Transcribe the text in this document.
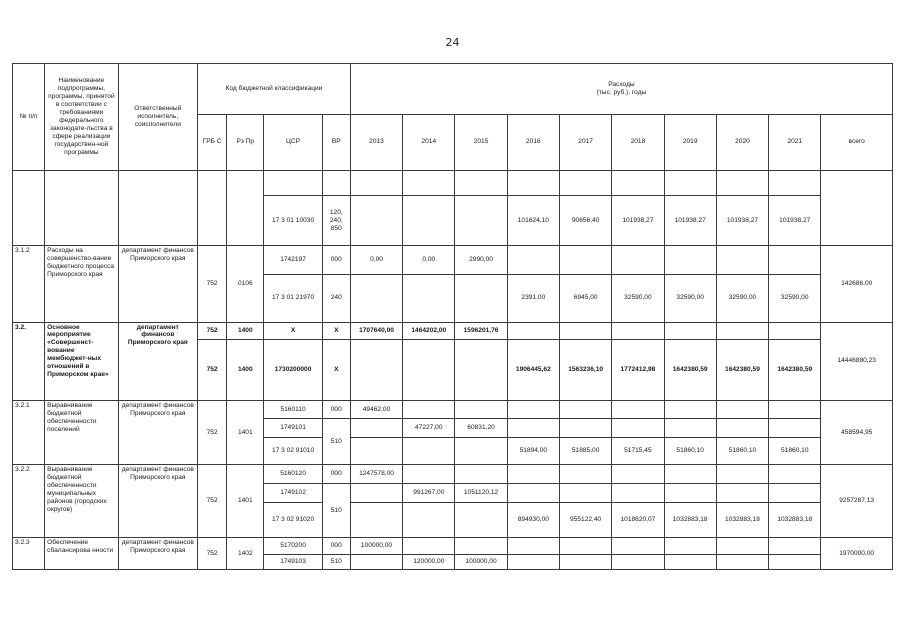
24
№ п/п	Наименование подпрограммы, программы, принятой в соответствии с требованиями федерального законодате-льства в сфере реализации государствен-ной программы	Ответственный исполнитель, соисполнители	Код бюджетной классификации				Расходы
(тыс. руб.), годы									

			ГРБ С	Рз Пр	ЦСР	ВР	2013	2014	2015	2016	2017	2018	2019	2020	2021	всего

					17 3 01 10030	120, 240, 850				101624,10	90656,40	101938,27	101938,27	101938,27	101938,27	
3.1.2	Расходы на совершенство-вание бюджетного процесса Приморского края	департамент финансов Приморского края	752	0106	1742197	000	0,00	0,00	2990,00							142686,00
					17 3 01 21970	240				2391,00	6945,00	32590,00	32590,00	32590,00	32590,00	
3.2.	Основное мероприятие «Совершенст-вование межбюджет-ных отношений в Приморском крае»	департамент финансов Приморского края	752	1400	X	X	1707640,00	1464202,00	1596201,76							14446880,23
			752	1400	1730200000	X				1906445,62	1563236,10	1772412,98	1642380,59	1642380,59	1642380,59	
3.2.1	Выравнивание бюджетной обеспеченности поселений	департамент финансов Приморского края	752	1401	5160110	000	49462,00									458594,95
					1749101	510		47227,00	60831,20							
					17 3 02 91010					51894,00	51885,00	51715,45	51860,10	51860,10	51860,10	
3.2.2	Выравнивание бюджетной обеспеченности муниципальных районов (городских округов)	департамент финансов Приморского края	752	1401	5160120	000	1247578,00									9257287,13
					1749102	510		991267,00	1051120,12							
					17 3 02 91020					894930,00	955122,40	1018620,07	1032883,18	1032883,18	1032883,18	
3.2.3	Обеспечение сбалансирова нности	департамент финансов Приморского края	752	1402	5170200	000	100000,00									1970000,00
					1749103	510		120000,00	100000,00							
